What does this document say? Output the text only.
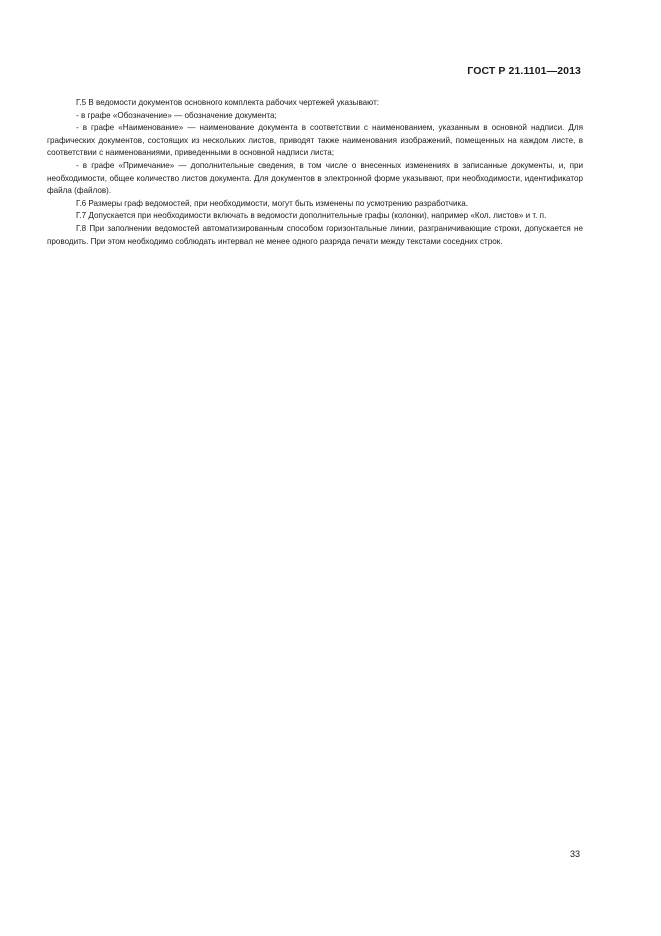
ГОСТ Р 21.1101—2013

Г.5 В ведомости документов основного комплекта рабочих чертежей указывают:

- в графе «Обозначение» — обозначение документа;

- в графе «Наименование» — наименование документа в соответствии с наименованием, указанным в основной надписи. Для графических документов, состоящих из нескольких листов, приводят также наименования изображений, помещенных на каждом листе, в соответствии с наименованиями, приведенными в основной надписи листа;

- в графе «Примечание» — дополнительные сведения, в том числе о внесенных изменениях в записанные документы, и, при необходимости, общее количество листов документа. Для документов в электронной форме указывают, при необходимости, идентификатор файла (файлов).

Г.6 Размеры граф ведомостей, при необходимости, могут быть изменены по усмотрению разработчика.

Г.7 Допускается при необходимости включать в ведомости дополнительные графы (колонки), например «Кол. листов» и т. п.

Г.8 При заполнении ведомостей автоматизированным способом горизонтальные линии, разграничивающие строки, допускается не проводить. При этом необходимо соблюдать интервал не менее одного разряда печати между текстами соседних строк.

33
